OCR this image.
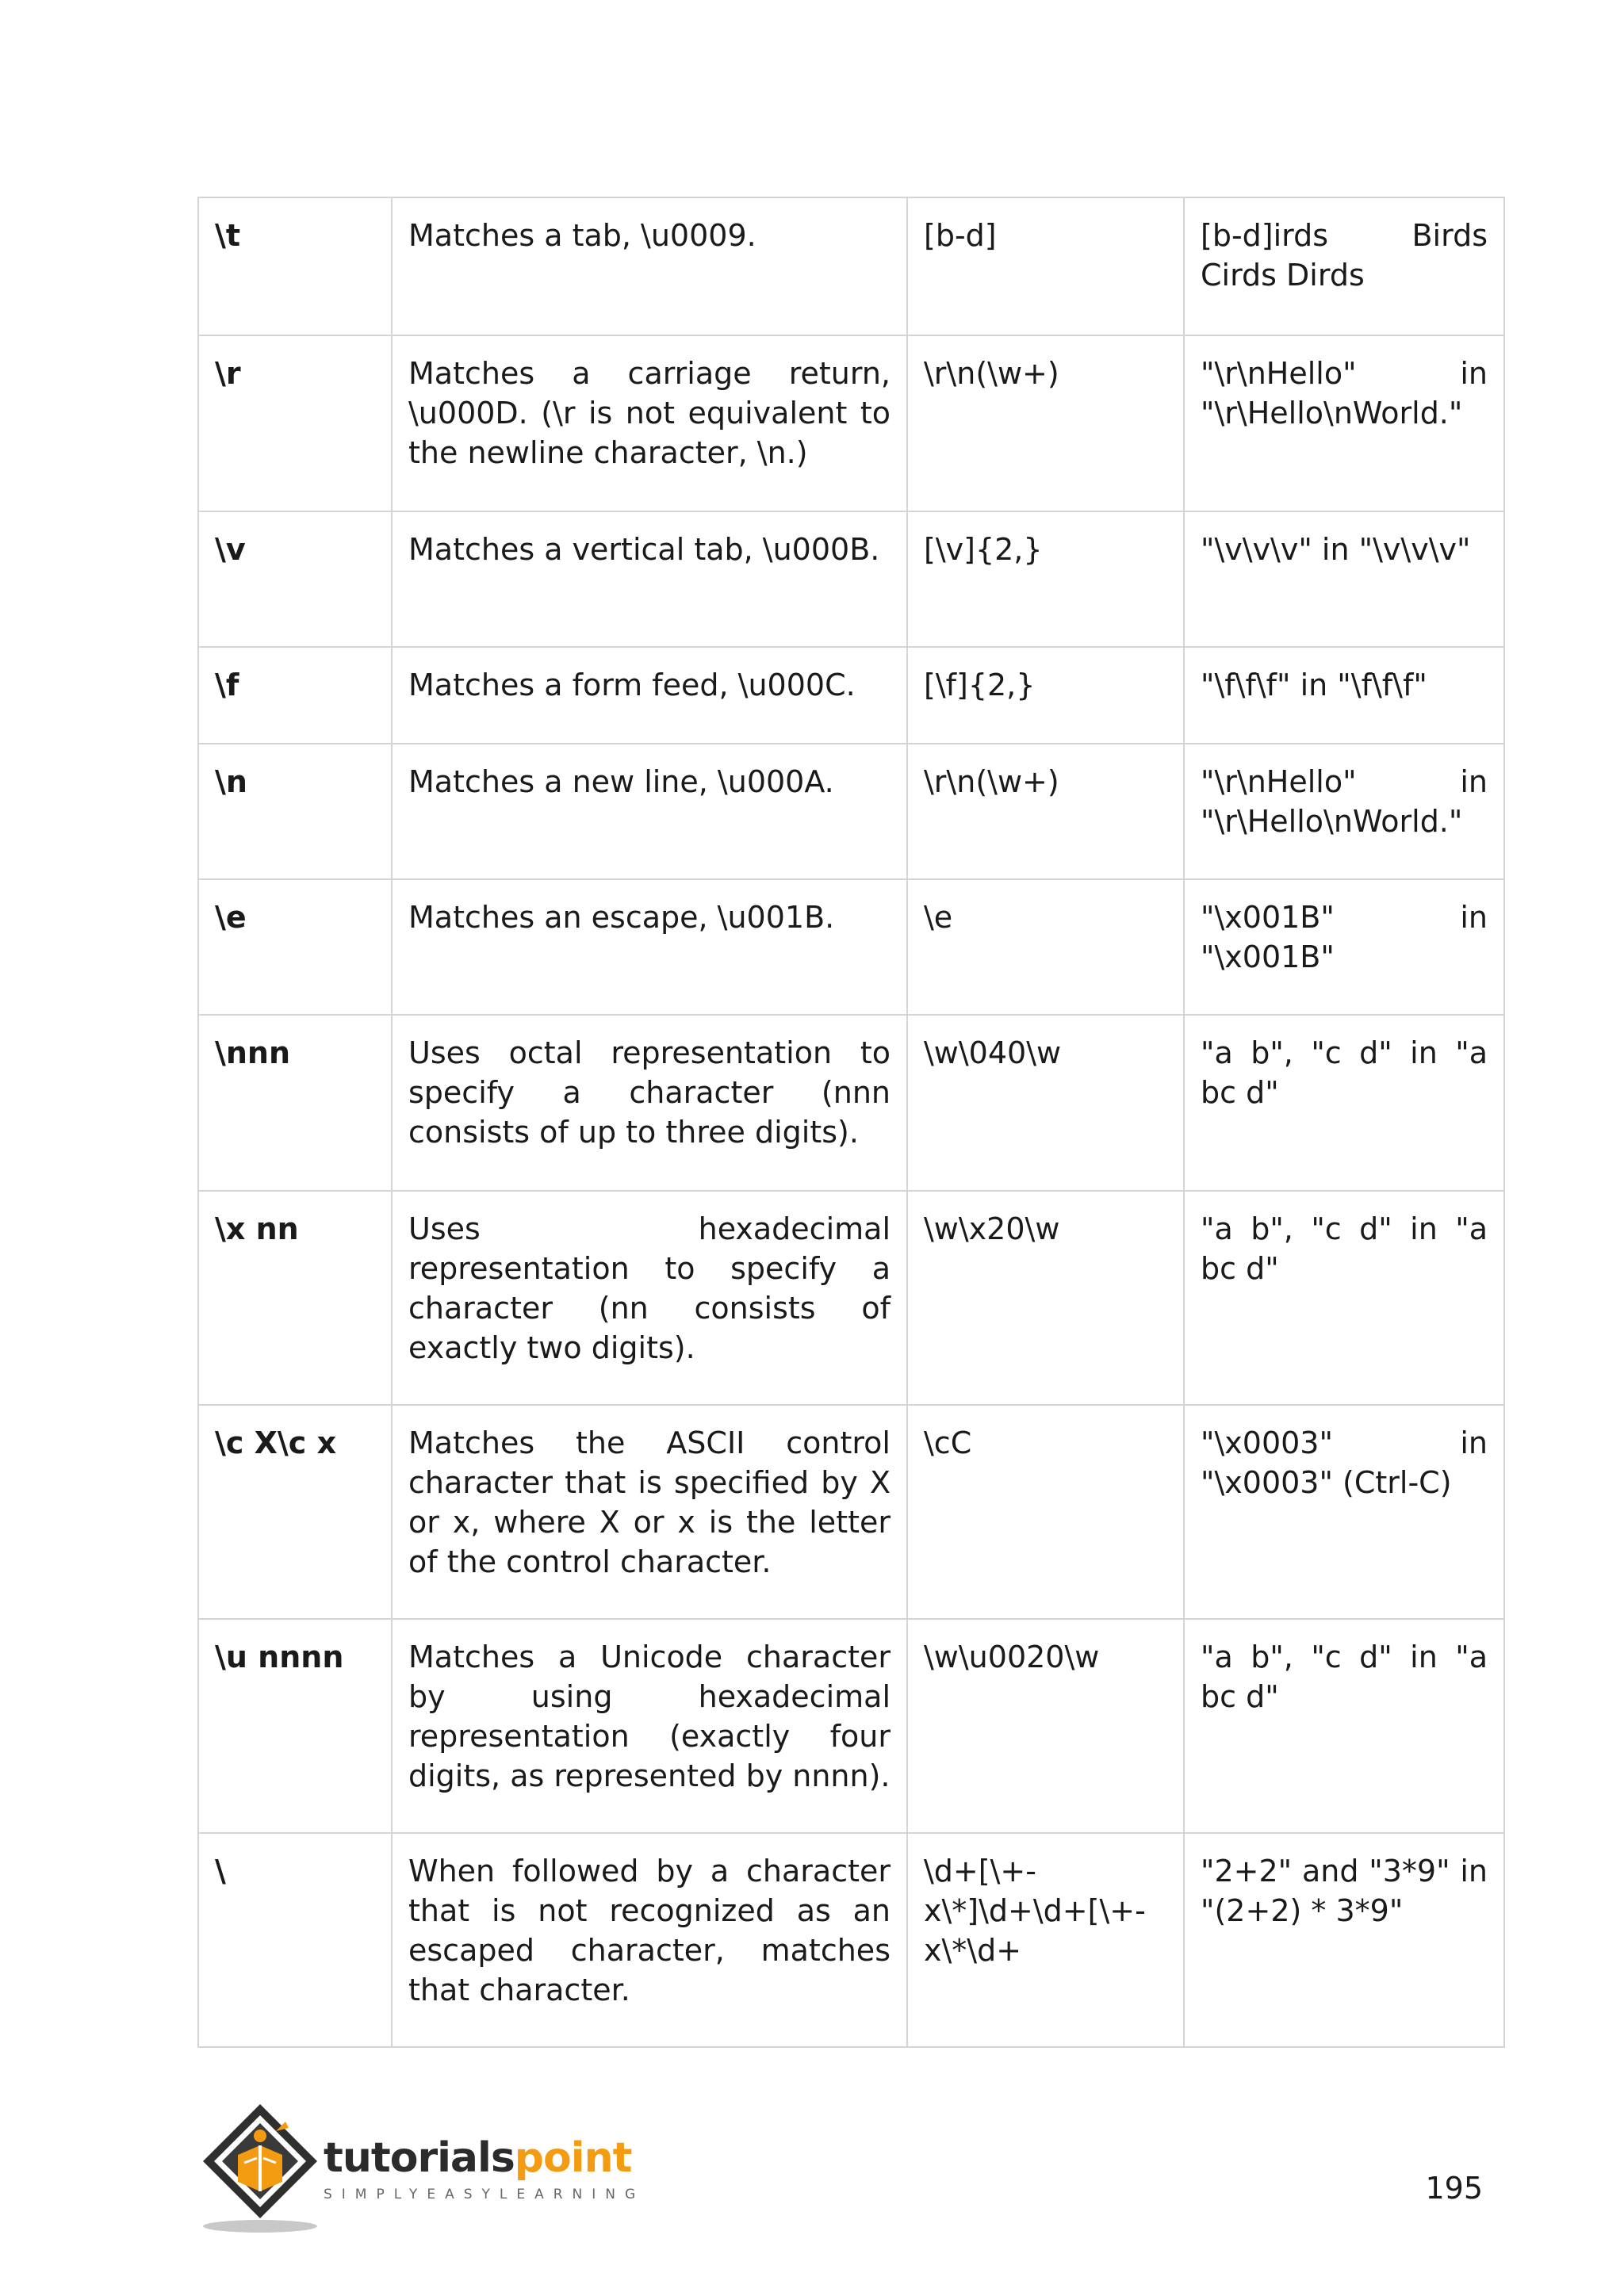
\t	Matches a tab, \u0009.	[b-d]	[b-d]irds Birds Cirds Dirds
\r	Matches a carriage return, \u000D. (\r is not equivalent to the newline character, \n.)	\r\n(\w+)	"\r\nHello" in "\r\Hello\nWorld."
\v	Matches a vertical tab, \u000B.	[\v]{2,}	"\v\v\v" in "\v\v\v"
\f	Matches a form feed, \u000C.	[\f]{2,}	"\f\f\f" in "\f\f\f"
\n	Matches a new line, \u000A.	\r\n(\w+)	"\r\nHello" in "\r\Hello\nWorld."
\e	Matches an escape, \u001B.	\e	"\x001B" in "\x001B"
\nnn	Uses octal representation to specify a character (nnn consists of up to three digits).	\w\040\w	"a b", "c d" in "a bc d"
\x nn	Uses hexadecimal representation to specify a character (nn consists of exactly two digits).	\w\x20\w	"a b", "c d" in "a bc d"
\c X\c x	Matches the ASCII control character that is specified by X or x, where X or x is the letter of the control character.	\cC	"\x0003" in "\x0003" (Ctrl-C)
\u nnnn	Matches a Unicode character by using hexadecimal representation (exactly four digits, as represented by nnnn).	\w\u0020\w	"a b", "c d" in "a bc d"
\	When followed by a character that is not recognized as an escaped character, matches that character.	\d+[\+-x\*]\d+\d+[\+-x\*\d+	"2+2" and "3*9" in "(2+2) * 3*9"
tutorialspoint
SIMPLYEASYLEARNING	195
